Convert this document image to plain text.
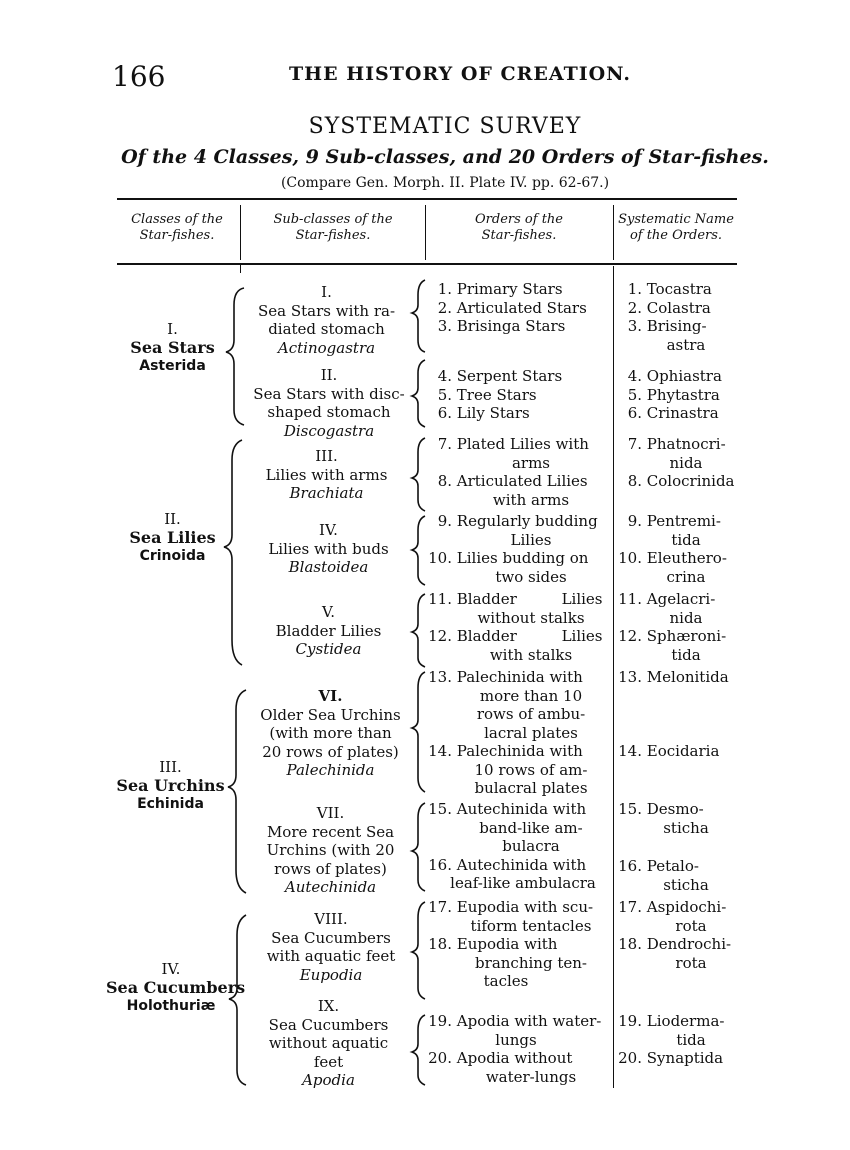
166	THE HISTORY OF CREATION.
SYSTEMATIC SURVEY
Of the 4 Classes, 9 Sub-classes, and 20 Orders of Star-fishes.
(Compare Gen. Morph. II. Plate IV. pp. 62-67.)
Classes of the
Star-fishes.
Sub-classes of the
Star-fishes.
Orders of the
Star-fishes.
Systematic Name
of the Orders.
I.
Sea Stars
Asterida
II.
Sea Lilies
Crinoida
III.
Sea Urchins
Echinida
IV.
Sea Cucumbers
Holothuriæ
I.
Sea Stars with ra-
diated stomach
Actinogastra
II.
Sea Stars with disc-
shaped stomach
Discogastra
III.
Lilies with arms
Brachiata
IV.
Lilies with buds
Blastoidea
V.
Bladder Lilies
Cystidea
VI.
Older Sea Urchins
(with more than
20 rows of plates)
Palechinida
VII.
More recent Sea
Urchins (with 20
rows of plates)
Autechinida
VIII.
Sea Cucumbers
with aquatic feet
Eupodia
IX.
Sea Cucumbers
without aquatic
feet
Apodia
1. Primary Stars
2. Articulated Stars
3. Brisinga Stars
4. Serpent Stars
5. Tree Stars
6. Lily Stars
7. Plated Lilies with
arms
8. Articulated Lilies
with arms
9. Regularly budding
Lilies
10. Lilies budding on
two sides
11. Bladder Lilies
without stalks
12. Bladder Lilies
with stalks
13. Palechinida with
more than 10
rows of ambu-
lacral plates
14. Palechinida with
10 rows of am-
bulacral plates
15. Autechinida with
band-like am-
bulacra
16. Autechinida with
leaf-like ambulacra
17. Eupodia with scu-
tiform tentacles
18. Eupodia with
branching ten-
tacles
19. Apodia with water-
lungs
20. Apodia without
water-lungs
1. Tocastra
2. Colastra
3. Brising-
astra
4. Ophiastra
5. Phytastra
6. Crinastra
7. Phatnocri-
nida
8. Colocrinida
9. Pentremi-
tida
10. Eleuthero-
crina
11. Agelacri-
nida
12. Sphæroni-
tida
13. Melonitida
14. Eocidaria
15. Desmo-
sticha
16. Petalo-
sticha
17. Aspidochi-
rota
18. Dendrochi-
rota
19. Lioderma-
tida
20. Synaptida
